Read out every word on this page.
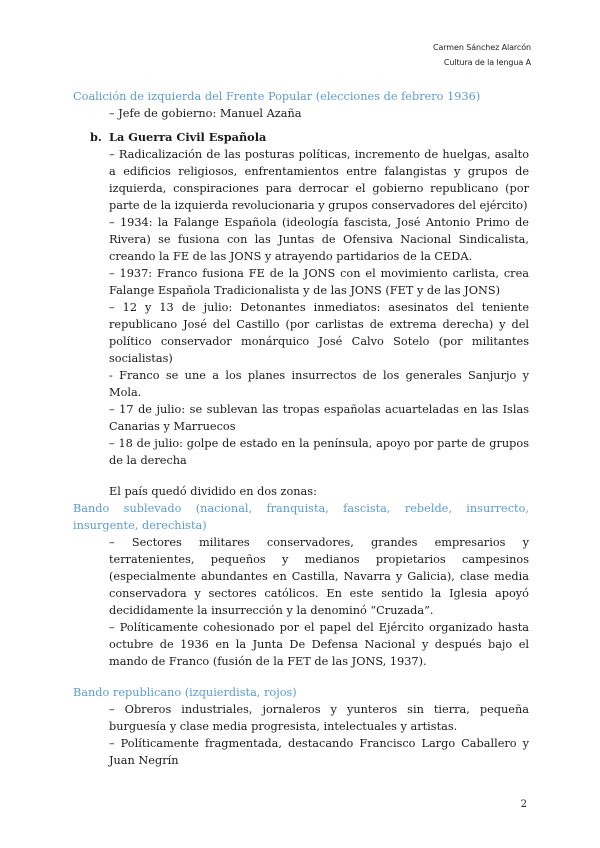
Carmen Sánchez Alarcón
Cultura de la lengua A

Coalición de izquierda del Frente Popular (elecciones de febrero 1936)

– Jefe de gobierno: Manuel Azaña

b. La Guerra Civil Española

– Radicalización de las posturas políticas, incremento de huelgas, asalto a edificios religiosos, enfrentamientos entre falangistas y grupos de izquierda, conspiraciones para derrocar el gobierno republicano (por parte de la izquierda revolucionaria y grupos conservadores del ejército)

– 1934: la Falange Española (ideología fascista, José Antonio Primo de Rivera) se fusiona con las Juntas de Ofensiva Nacional Sindicalista, creando la FE de las JONS y atrayendo partidarios de la CEDA.

– 1937: Franco fusiona FE de la JONS con el movimiento carlista, crea Falange Española Tradicionalista y de las JONS (FET y de las JONS)

– 12 y 13 de julio: Detonantes inmediatos: asesinatos del teniente republicano José del Castillo (por carlistas de extrema derecha) y del político conservador monárquico José Calvo Sotelo (por militantes socialistas)

- Franco se une a los planes insurrectos de los generales Sanjurjo y Mola.

– 17 de julio: se sublevan las tropas españolas acuarteladas en las Islas Canarias y Marruecos

– 18 de julio: golpe de estado en la península, apoyo por parte de grupos de la derecha

El país quedó dividido en dos zonas:

Bando sublevado (nacional, franquista, fascista, rebelde, insurrecto, insurgente, derechista)

– Sectores militares conservadores, grandes empresarios y terratenientes, pequeños y medianos propietarios campesinos (especialmente abundantes en Castilla, Navarra y Galicia), clase media conservadora y sectores católicos. En este sentido la Iglesia apoyó decididamente la insurrección y la denominó “Cruzada”.

– Políticamente cohesionado por el papel del Ejército organizado hasta octubre de 1936 en la Junta De Defensa Nacional y después bajo el mando de Franco (fusión de la FET de las JONS, 1937).

Bando republicano (izquierdista, rojos)

– Obreros industriales, jornaleros y yunteros sin tierra, pequeña burguesía y clase media progresista, intelectuales y artistas.

– Políticamente fragmentada, destacando Francisco Largo Caballero y Juan Negrín

2
